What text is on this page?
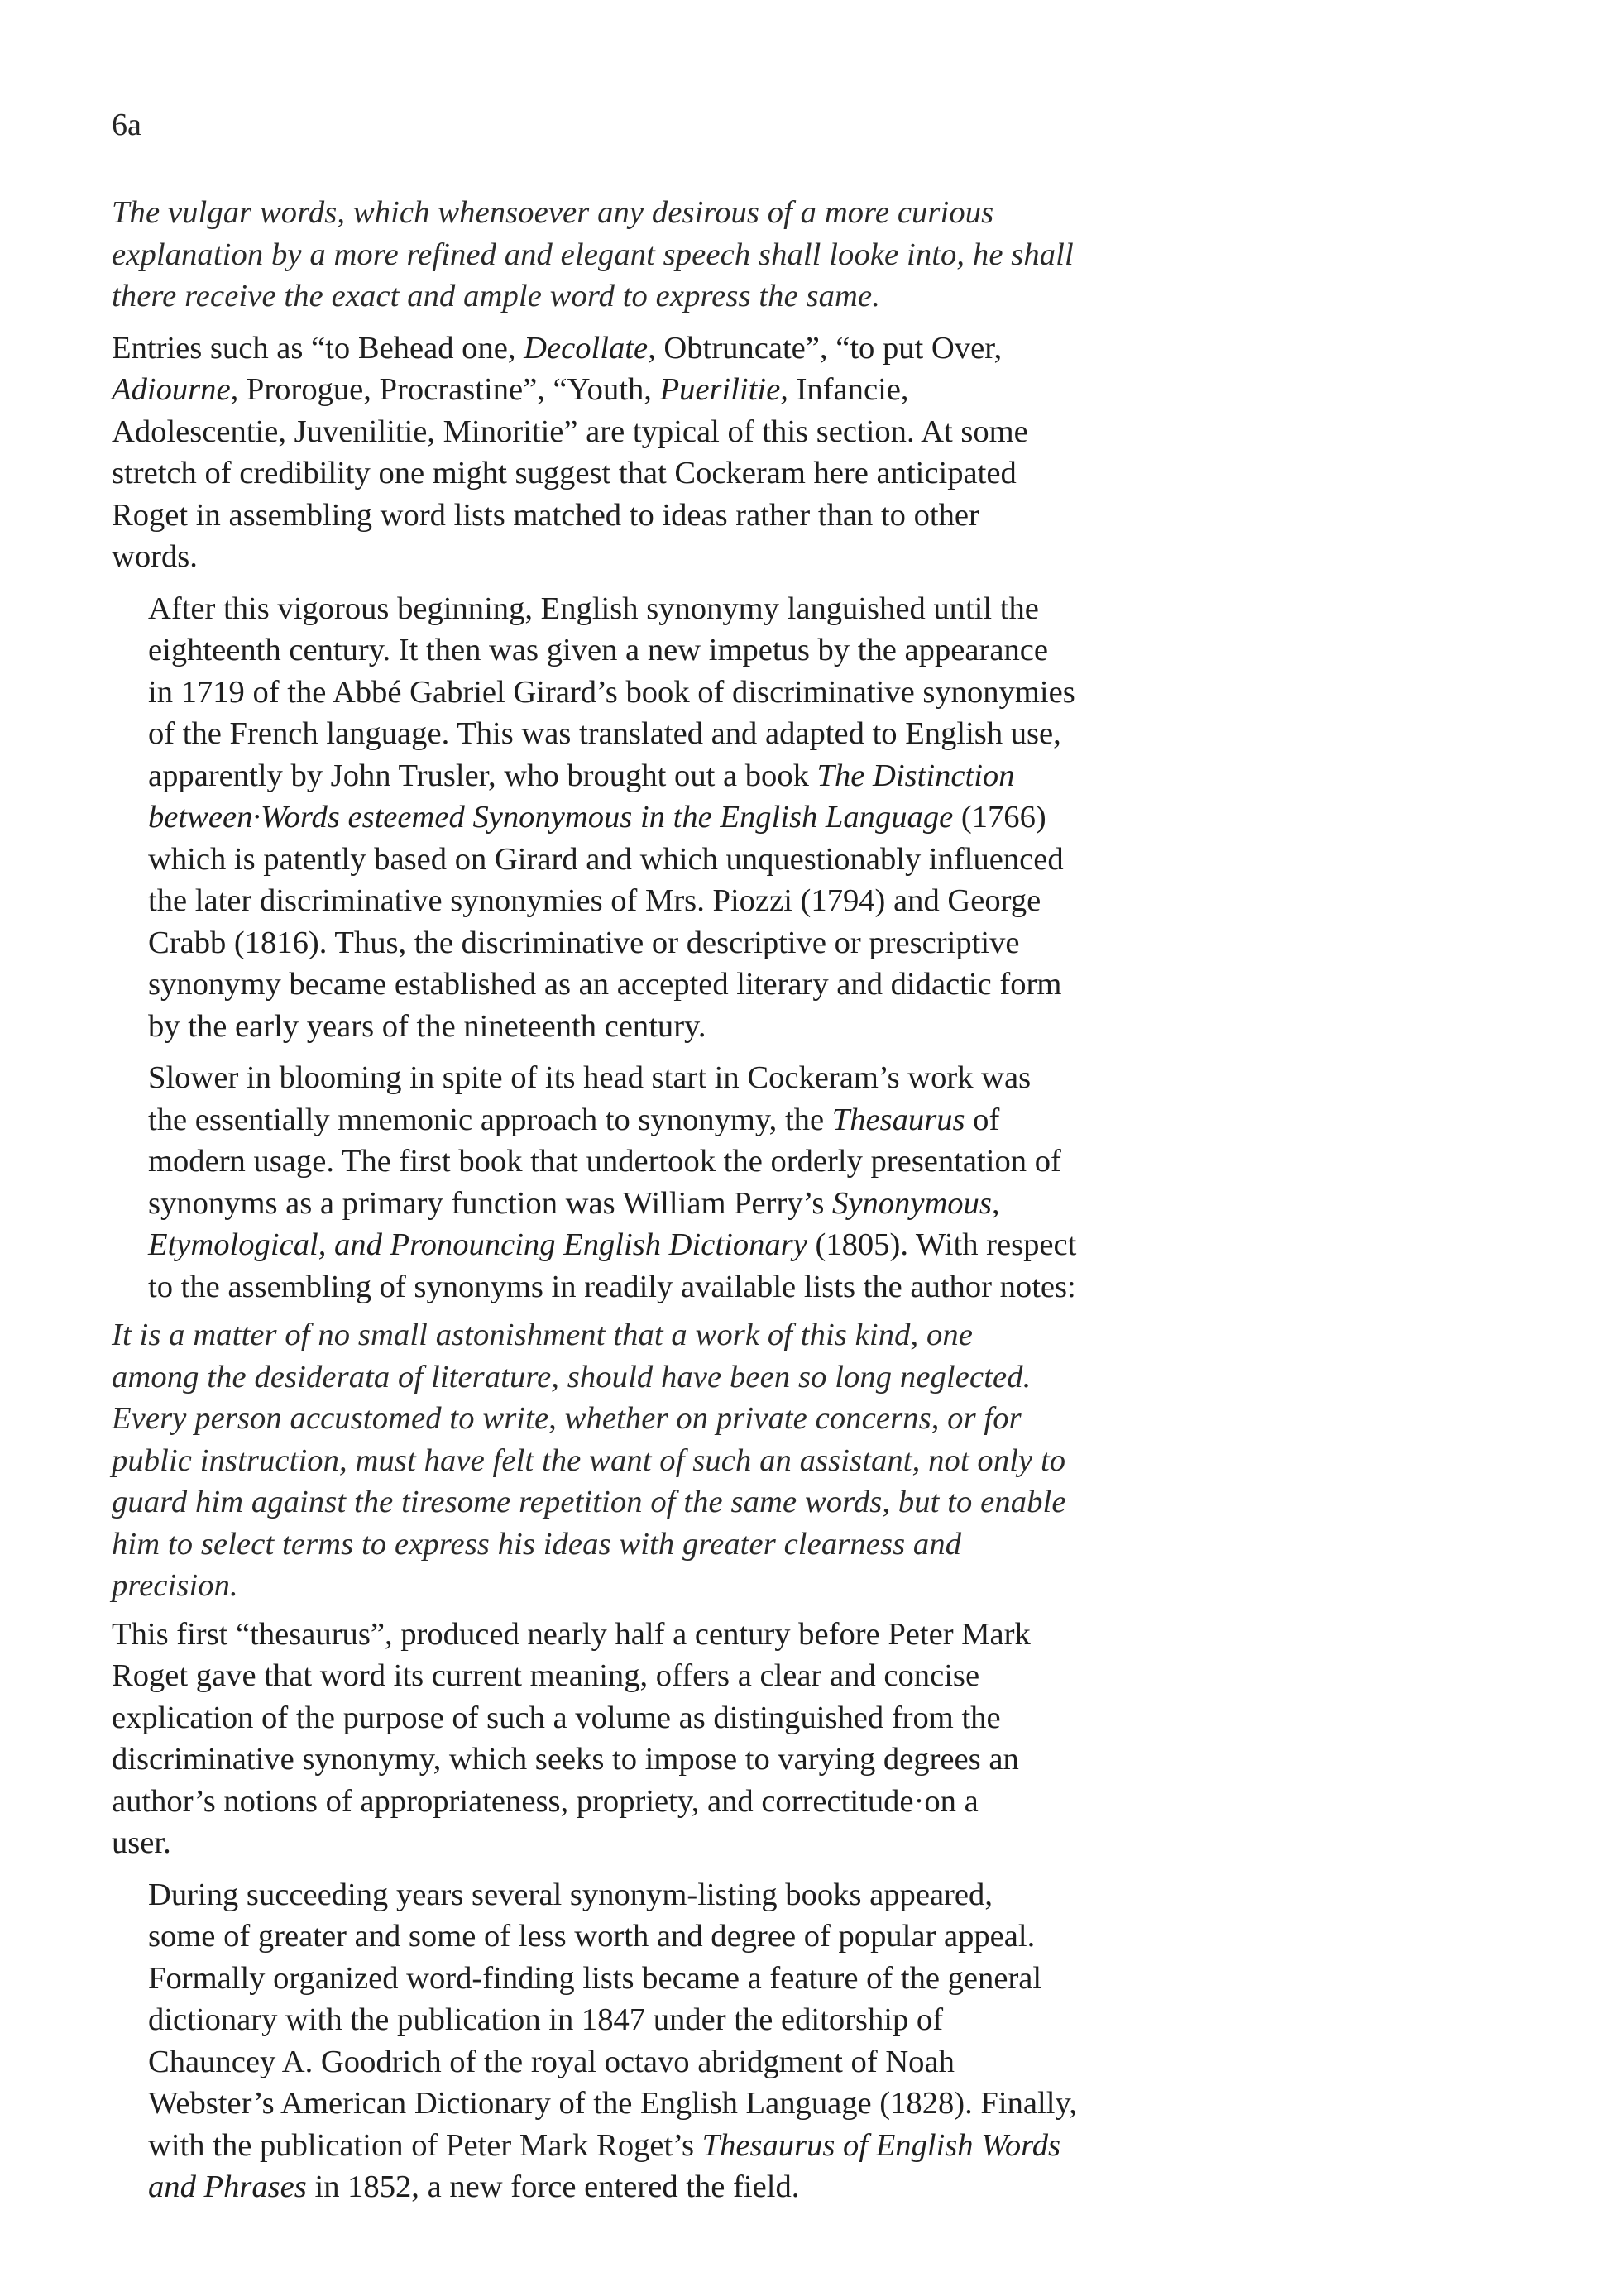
6a

The vulgar words, which whensoever any desirous of a more curious
explanation by a more refined and elegant speech shall looke into, he shall
there receive the exact and ample word to express the same.

Entries such as “to Behead one, Decollate, Obtruncate”, “to put Over,
Adiourne, Prorogue, Procrastine”, “Youth, Puerilitie, Infancie,
Adolescentie, Juvenilitie, Minoritie” are typical of this section. At some
stretch of credibility one might suggest that Cockeram here anticipated
Roget in assembling word lists matched to ideas rather than to other
words.

After this vigorous beginning, English synonymy languished until the
eighteenth century. It then was given a new impetus by the appearance
in 1719 of the Abbé Gabriel Girard’s book of discriminative synonymies
of the French language. This was translated and adapted to English use,
apparently by John Trusler, who brought out a book The Distinction
between·Words esteemed Synonymous in the English Language (1766)
which is patently based on Girard and which unquestionably influenced
the later discriminative synonymies of Mrs. Piozzi (1794) and George
Crabb (1816). Thus, the discriminative or descriptive or prescriptive
synonymy became established as an accepted literary and didactic form
by the early years of the nineteenth century.

Slower in blooming in spite of its head start in Cockeram’s work was
the essentially mnemonic approach to synonymy, the Thesaurus of
modern usage. The first book that undertook the orderly presentation of
synonyms as a primary function was William Perry’s Synonymous,
Etymological, and Pronouncing English Dictionary (1805). With respect
to the assembling of synonyms in readily available lists the author notes:

It is a matter of no small astonishment that a work of this kind, one
among the desiderata of literature, should have been so long neglected.
Every person accustomed to write, whether on private concerns, or for
public instruction, must have felt the want of such an assistant, not only to
guard him against the tiresome repetition of the same words, but to enable
him to select terms to express his ideas with greater clearness and
precision.

This first “thesaurus”, produced nearly half a century before Peter Mark
Roget gave that word its current meaning, offers a clear and concise
explication of the purpose of such a volume as distinguished from the
discriminative synonymy, which seeks to impose to varying degrees an
author’s notions of appropriateness, propriety, and correctitude·on a
user.

During succeeding years several synonym-listing books appeared,
some of greater and some of less worth and degree of popular appeal.
Formally organized word-finding lists became a feature of the general
dictionary with the publication in 1847 under the editorship of
Chauncey A. Goodrich of the royal octavo abridgment of Noah
Webster’s American Dictionary of the English Language (1828). Finally,
with the publication of Peter Mark Roget’s Thesaurus of English Words
and Phrases in 1852, a new force entered the field.
